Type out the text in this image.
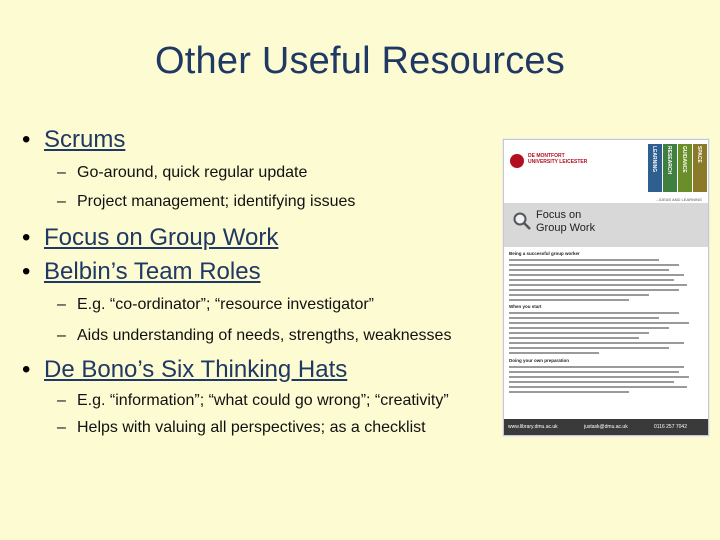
Other Useful Resources
• Scrums
– Go-around, quick regular update
– Project management; identifying issues
• Focus on Group Work
• Belbin’s Team Roles
– E.g. “co-ordinator”; “resource investigator”
– Aids understanding of needs, strengths, weaknesses
• De Bono’s Six Thinking Hats
– E.g. “information”; “what could go wrong”; “creativity”
– Helps with valuing all perspectives; as a checklist
DE MONTFORT UNIVERSITY LEICESTER	LEARNING RESEARCH GUIDANCE SPACE
...IDEAS AND LEARNING
Focus on
Group Work
Being a successful group worker
When you start
Doing your own preparation
www.library.dmu.ac.uk	justask@dmu.ac.uk	0116 257 7042
